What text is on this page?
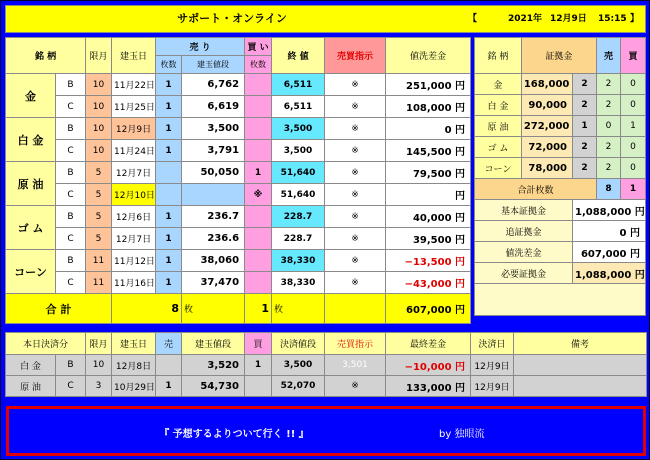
サポート・オンライン	【	2021年 12月9日 15:15 】
銘 柄		限月	建玉日	売 り		買 い	終 値	売買指示	値洗差金
				枚数	建玉値段	枚数			
金	B	10	11月22日	1	6,762		6,511	※	251,000 円
	C	10	11月25日	1	6,619		6,511	※	108,000 円
白 金	B	10	12月9日	1	3,500		3,500	※	0 円
	C	10	11月24日	1	3,791		3,500	※	145,500 円
原 油	B	5	12月7日		50,050	1	51,640	※	79,500 円
	C	5	12月10日			※	51,640	※	円
ゴ ム	B	5	12月6日	1	236.7		228.7	※	40,000 円
	C	5	12月7日	1	236.6		228.7	※	39,500 円
コーン	B	11	11月12日	1	38,060		38,330	※	−13,500 円
	C	11	11月16日	1	37,470		38,330	※	−43,000 円
合 計			8		枚	1	枚		607,000 円
銘 柄	証拠金		売	買
金	168,000	2	2	0
白 金	90,000	2	2	0
原 油	272,000	1	0	1
ゴ ム	72,000	2	2	0
コーン	78,000	2	2	0
合計枚数			8	1
基本証拠金		1,088,000 円		
追証拠金		0 円		
値洗差金		607,000 円		
必要証拠金		1,088,000 円		

本日決済分		限月	建玉日	売	建玉値段	買	決済値段	売買指示	最終差金	決済日	備考
白 金	B	10	12月8日		3,520	1	3,500	3,501	−10,000 円	12月9日	
原 油	C	3	10月29日	1	54,730		52,070	※	133,000 円	12月9日	
『 予想するよりついて行く !! 』	by 独眼流
